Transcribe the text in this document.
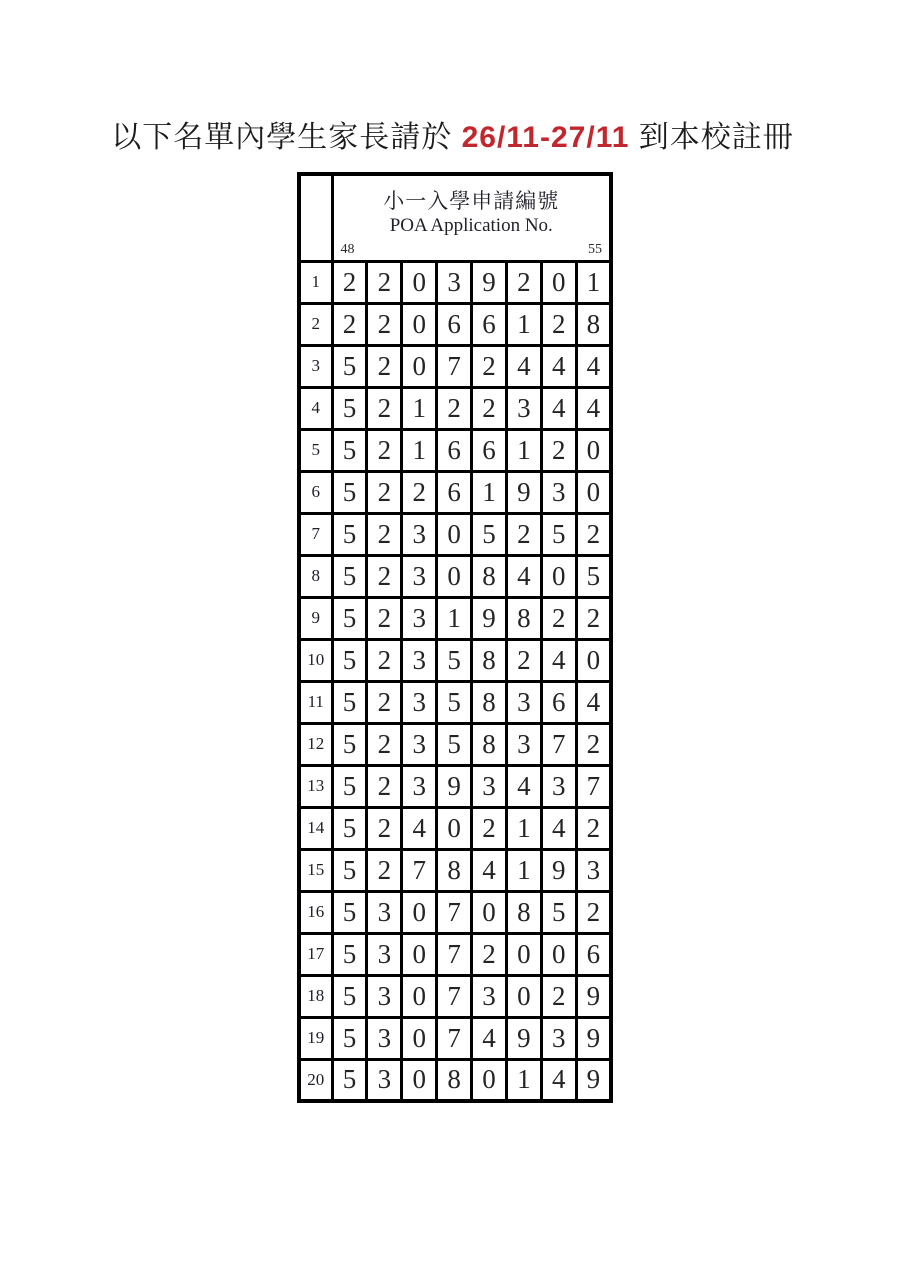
以下名單內學生家長請於 26/11-27/11 到本校註冊

	小一入學申請編號
POA Application No.
48 55							

1	2	2	0	3	9	2	0	1
2	2	2	0	6	6	1	2	8
3	5	2	0	7	2	4	4	4
4	5	2	1	2	2	3	4	4
5	5	2	1	6	6	1	2	0
6	5	2	2	6	1	9	3	0
7	5	2	3	0	5	2	5	2
8	5	2	3	0	8	4	0	5
9	5	2	3	1	9	8	2	2
10	5	2	3	5	8	2	4	0
11	5	2	3	5	8	3	6	4
12	5	2	3	5	8	3	7	2
13	5	2	3	9	3	4	3	7
14	5	2	4	0	2	1	4	2
15	5	2	7	8	4	1	9	3
16	5	3	0	7	0	8	5	2
17	5	3	0	7	2	0	0	6
18	5	3	0	7	3	0	2	9
19	5	3	0	7	4	9	3	9
20	5	3	0	8	0	1	4	9
